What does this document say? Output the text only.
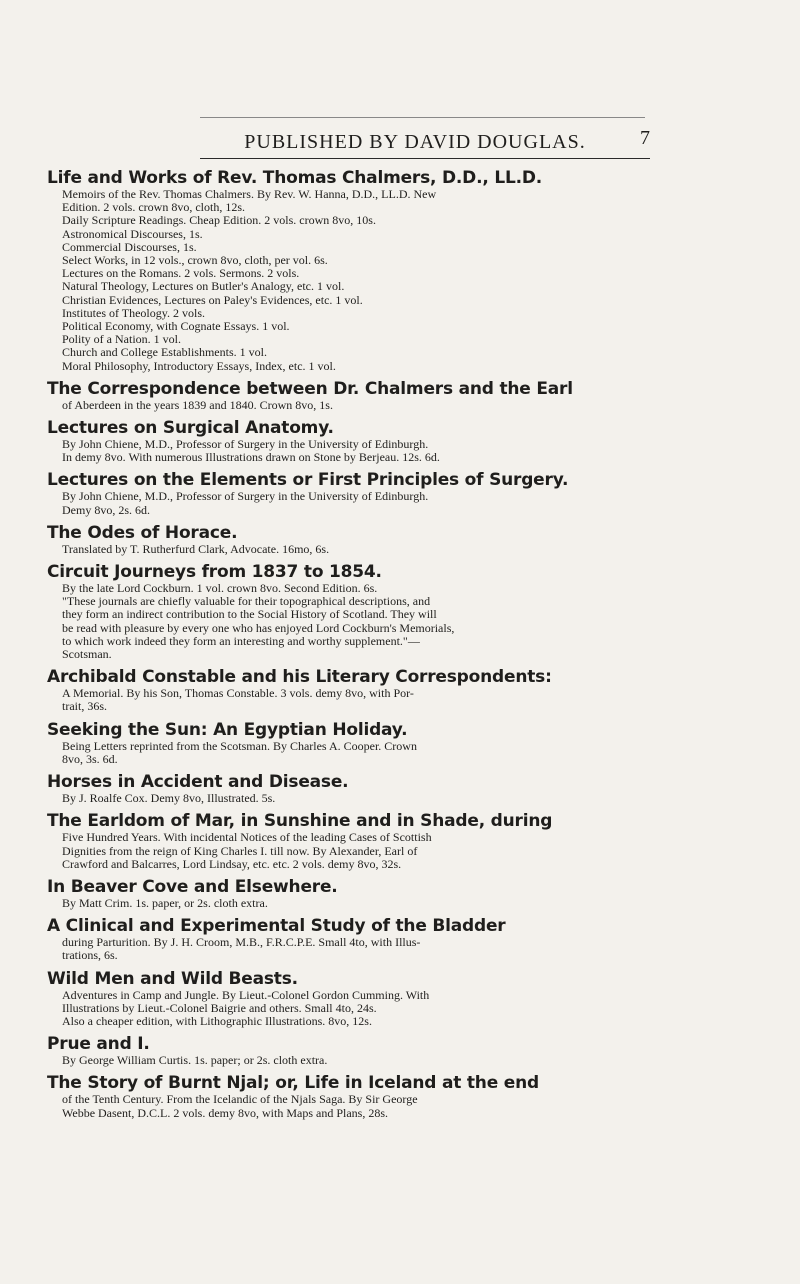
PUBLISHED BY DAVID DOUGLAS.	7
Life and Works of Rev. Thomas Chalmers, D.D., LL.D.
Memoirs of the Rev. Thomas Chalmers. By Rev. W. Hanna, D.D., LL.D. New
Edition. 2 vols. crown 8vo, cloth, 12s.
Daily Scripture Readings. Cheap Edition. 2 vols. crown 8vo, 10s.
Astronomical Discourses, 1s.
Commercial Discourses, 1s.
Select Works, in 12 vols., crown 8vo, cloth, per vol. 6s.
Lectures on the Romans. 2 vols. Sermons. 2 vols.
Natural Theology, Lectures on Butler's Analogy, etc. 1 vol.
Christian Evidences, Lectures on Paley's Evidences, etc. 1 vol.
Institutes of Theology. 2 vols.
Political Economy, with Cognate Essays. 1 vol.
Polity of a Nation. 1 vol.
Church and College Establishments. 1 vol.
Moral Philosophy, Introductory Essays, Index, etc. 1 vol.
The Correspondence between Dr. Chalmers and the Earl
of Aberdeen in the years 1839 and 1840. Crown 8vo, 1s.
Lectures on Surgical Anatomy.
By John Chiene, M.D., Professor of Surgery in the University of Edinburgh.
In demy 8vo. With numerous Illustrations drawn on Stone by Berjeau. 12s. 6d.
Lectures on the Elements or First Principles of Surgery.
By John Chiene, M.D., Professor of Surgery in the University of Edinburgh.
Demy 8vo, 2s. 6d.
The Odes of Horace.
Translated by T. Rutherfurd Clark, Advocate. 16mo, 6s.
Circuit Journeys from 1837 to 1854.
By the late Lord Cockburn. 1 vol. crown 8vo. Second Edition. 6s.
"These journals are chiefly valuable for their topographical descriptions, and
they form an indirect contribution to the Social History of Scotland. They will
be read with pleasure by every one who has enjoyed Lord Cockburn's Memorials,
to which work indeed they form an interesting and worthy supplement."—
Scotsman.
Archibald Constable and his Literary Correspondents:
A Memorial. By his Son, Thomas Constable. 3 vols. demy 8vo, with Por-
trait, 36s.
Seeking the Sun: An Egyptian Holiday.
Being Letters reprinted from the Scotsman. By Charles A. Cooper. Crown
8vo, 3s. 6d.
Horses in Accident and Disease.
By J. Roalfe Cox. Demy 8vo, Illustrated. 5s.
The Earldom of Mar, in Sunshine and in Shade, during
Five Hundred Years. With incidental Notices of the leading Cases of Scottish
Dignities from the reign of King Charles I. till now. By Alexander, Earl of
Crawford and Balcarres, Lord Lindsay, etc. etc. 2 vols. demy 8vo, 32s.
In Beaver Cove and Elsewhere.
By Matt Crim. 1s. paper, or 2s. cloth extra.
A Clinical and Experimental Study of the Bladder
during Parturition. By J. H. Croom, M.B., F.R.C.P.E. Small 4to, with Illus-
trations, 6s.
Wild Men and Wild Beasts.
Adventures in Camp and Jungle. By Lieut.-Colonel Gordon Cumming. With
Illustrations by Lieut.-Colonel Baigrie and others. Small 4to, 24s.
Also a cheaper edition, with Lithographic Illustrations. 8vo, 12s.
Prue and I.
By George William Curtis. 1s. paper; or 2s. cloth extra.
The Story of Burnt Njal; or, Life in Iceland at the end
of the Tenth Century. From the Icelandic of the Njals Saga. By Sir George
Webbe Dasent, D.C.L. 2 vols. demy 8vo, with Maps and Plans, 28s.
